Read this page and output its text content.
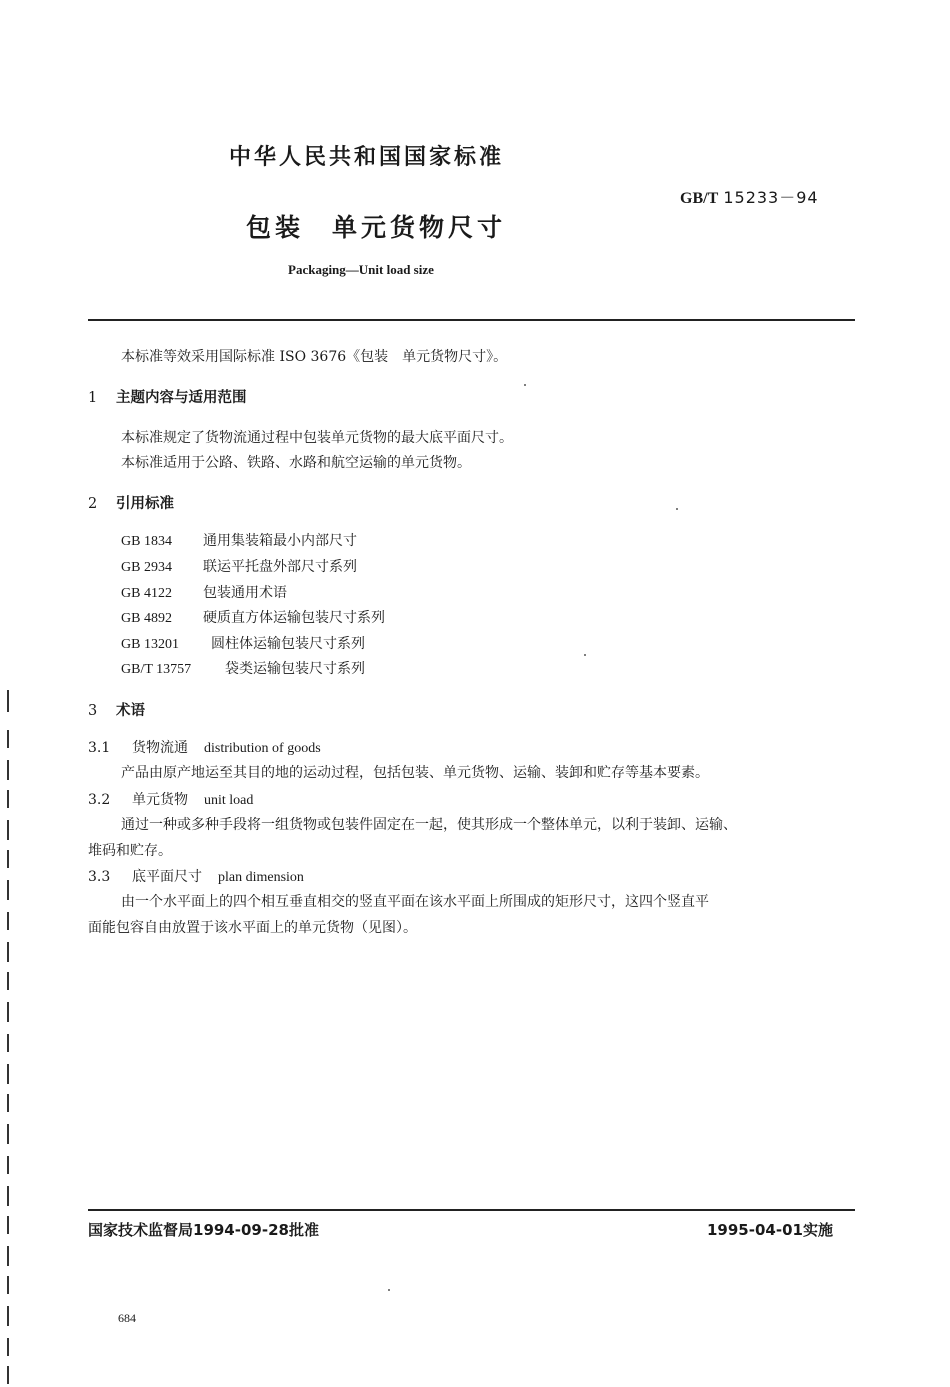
中华人民共和国国家标准
GB/T 15233－94
包装 单元货物尺寸
Packaging—Unit load size
本标准等效采用国际标准 ISO 3676《包装　单元货物尺寸》。
1 主题内容与适用范围
本标准规定了货物流通过程中包装单元货物的最大底平面尺寸。
本标准适用于公路、铁路、水路和航空运输的单元货物。
2 引用标准
GB 1834 通用集装箱最小内部尺寸
GB 2934 联运平托盘外部尺寸系列
GB 4122 包装通用术语
GB 4892 硬质直方体运输包装尺寸系列
GB 13201 圆柱体运输包装尺寸系列
GB/T 13757 袋类运输包装尺寸系列
3 术语
3.1 货物流通 distribution of goods
产品由原产地运至其目的地的运动过程，包括包装、单元货物、运输、装卸和贮存等基本要素。
3.2 单元货物 unit load
通过一种或多种手段将一组货物或包装件固定在一起，使其形成一个整体单元，以利于装卸、运输、
堆码和贮存。
3.3 底平面尺寸 plan dimension
由一个水平面上的四个相互垂直相交的竖直平面在该水平面上所围成的矩形尺寸，这四个竖直平
面能包容自由放置于该水平面上的单元货物（见图）。
国家技术监督局1994-09-28批准	1995-04-01实施
684
